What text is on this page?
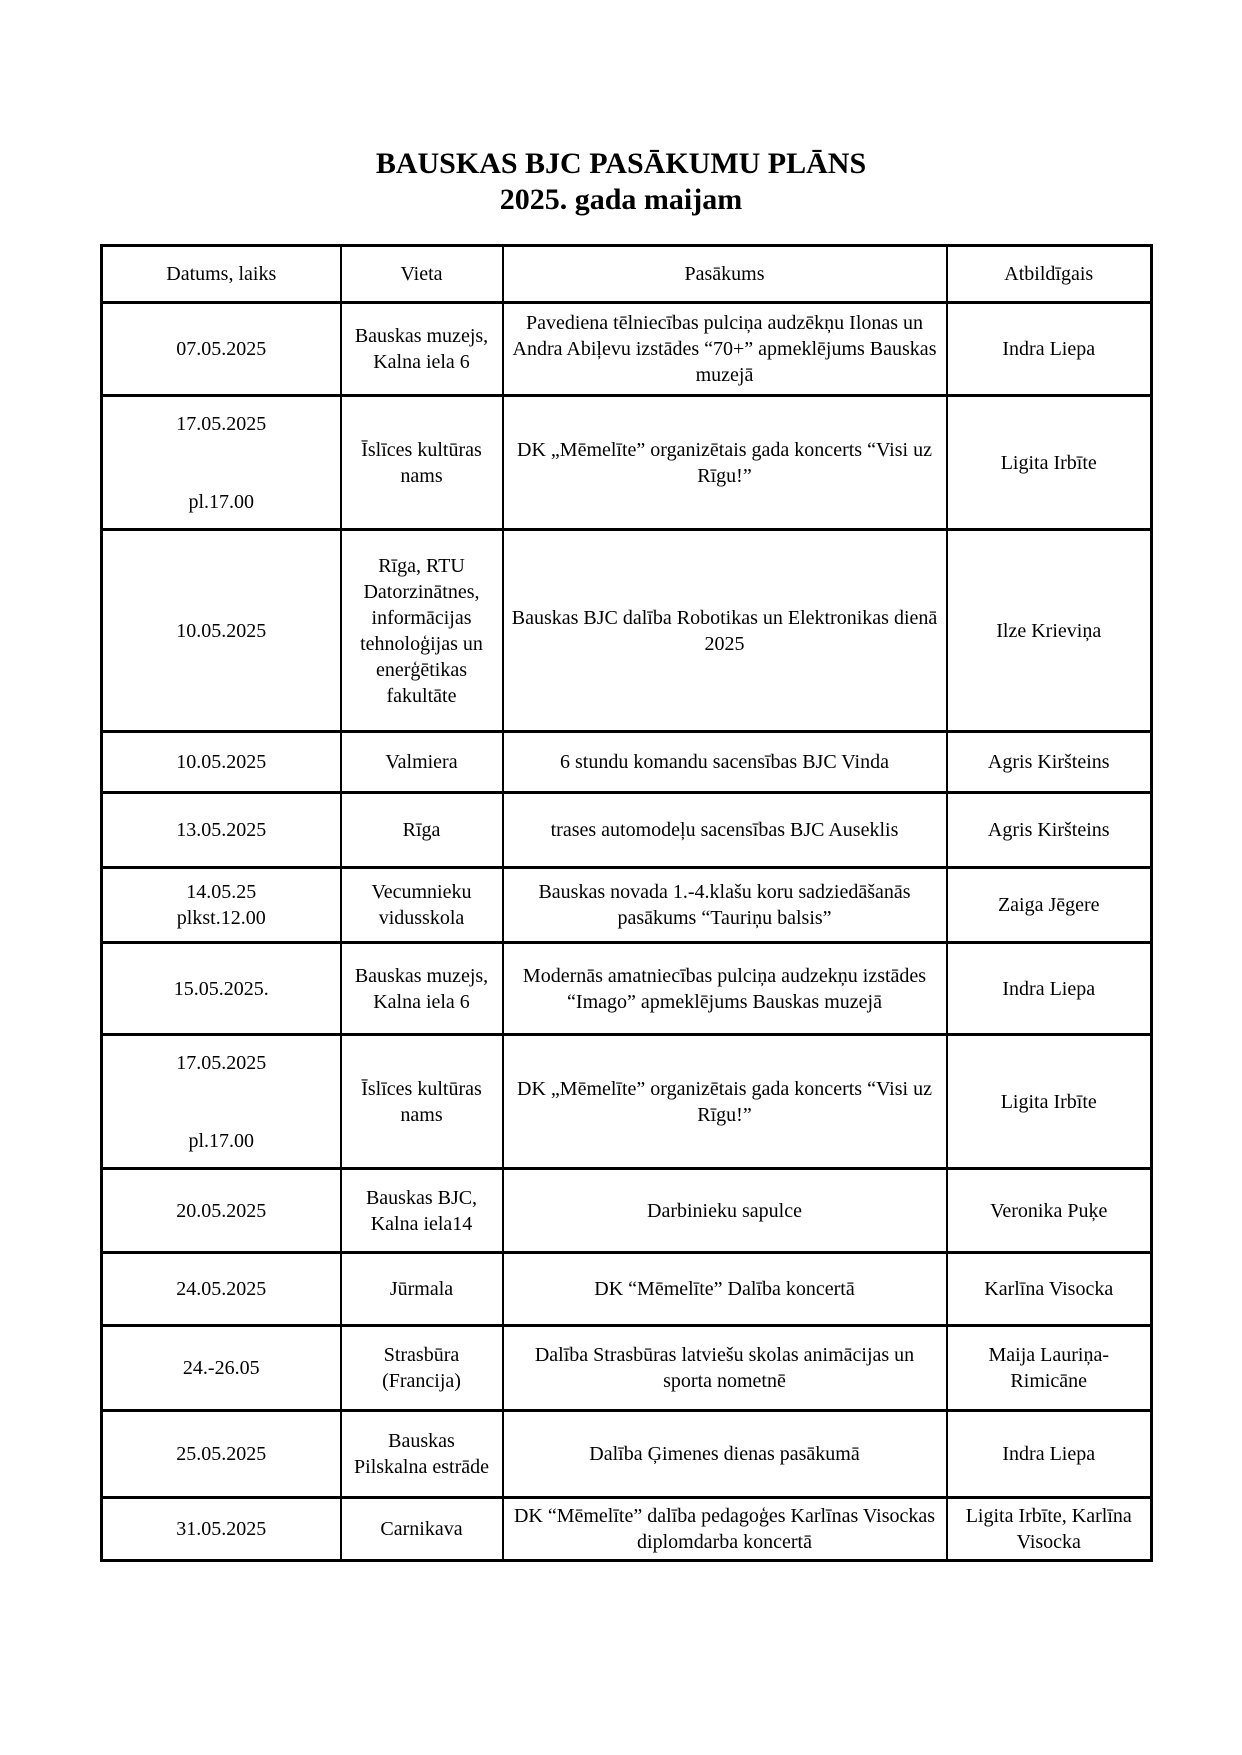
BAUSKAS BJC PASĀKUMU PLĀNS
2025. gada maijam
Datums, laiks	Vieta	Pasākums	Atbildīgais

07.05.2025	Bauskas muzejs, Kalna iela 6	Pavediena tēlniecības pulciņa audzēkņu Ilonas un Andra Abiļevu izstādes “70+” apmeklējums Bauskas muzejā	Indra Liepa

17.05.2025
pl.17.00	Īslīces kultūras nams	DK „Mēmelīte” organizētais gada koncerts “Visi uz Rīgu!”	Ligita Irbīte

10.05.2025	Rīga, RTU Datorzinātnes, informācijas tehnoloģijas un enerģētikas fakultāte	Bauskas BJC dalība Robotikas un Elektronikas dienā 2025	Ilze Krieviņa

10.05.2025	Valmiera	6 stundu komandu sacensības BJC Vinda	Agris Kiršteins

13.05.2025	Rīga	trases automodeļu sacensības BJC Auseklis	Agris Kiršteins

14.05.25
plkst.12.00	Vecumnieku vidusskola	Bauskas novada 1.-4.klašu koru sadziedāšanās pasākums “Tauriņu balsis”	Zaiga Jēgere

15.05.2025.	Bauskas muzejs, Kalna iela 6	Modernās amatniecības pulciņa audzekņu izstādes “Imago” apmeklējums Bauskas muzejā	Indra Liepa

17.05.2025
pl.17.00	Īslīces kultūras nams	DK „Mēmelīte” organizētais gada koncerts “Visi uz Rīgu!”	Ligita Irbīte

20.05.2025	Bauskas BJC, Kalna iela14	Darbinieku sapulce	Veronika Puķe

24.05.2025	Jūrmala	DK “Mēmelīte” Dalība koncertā	Karlīna Visocka

24.-26.05	Strasbūra (Francija)	Dalība Strasbūras latviešu skolas animācijas un sporta nometnē	Maija Lauriņa-Rimicāne

25.05.2025	Bauskas Pilskalna estrāde	Dalība Ģimenes dienas pasākumā	Indra Liepa

31.05.2025	Carnikava	DK “Mēmelīte” dalība pedagoģes Karlīnas Visockas diplomdarba koncertā	Ligita Irbīte, Karlīna Visocka
